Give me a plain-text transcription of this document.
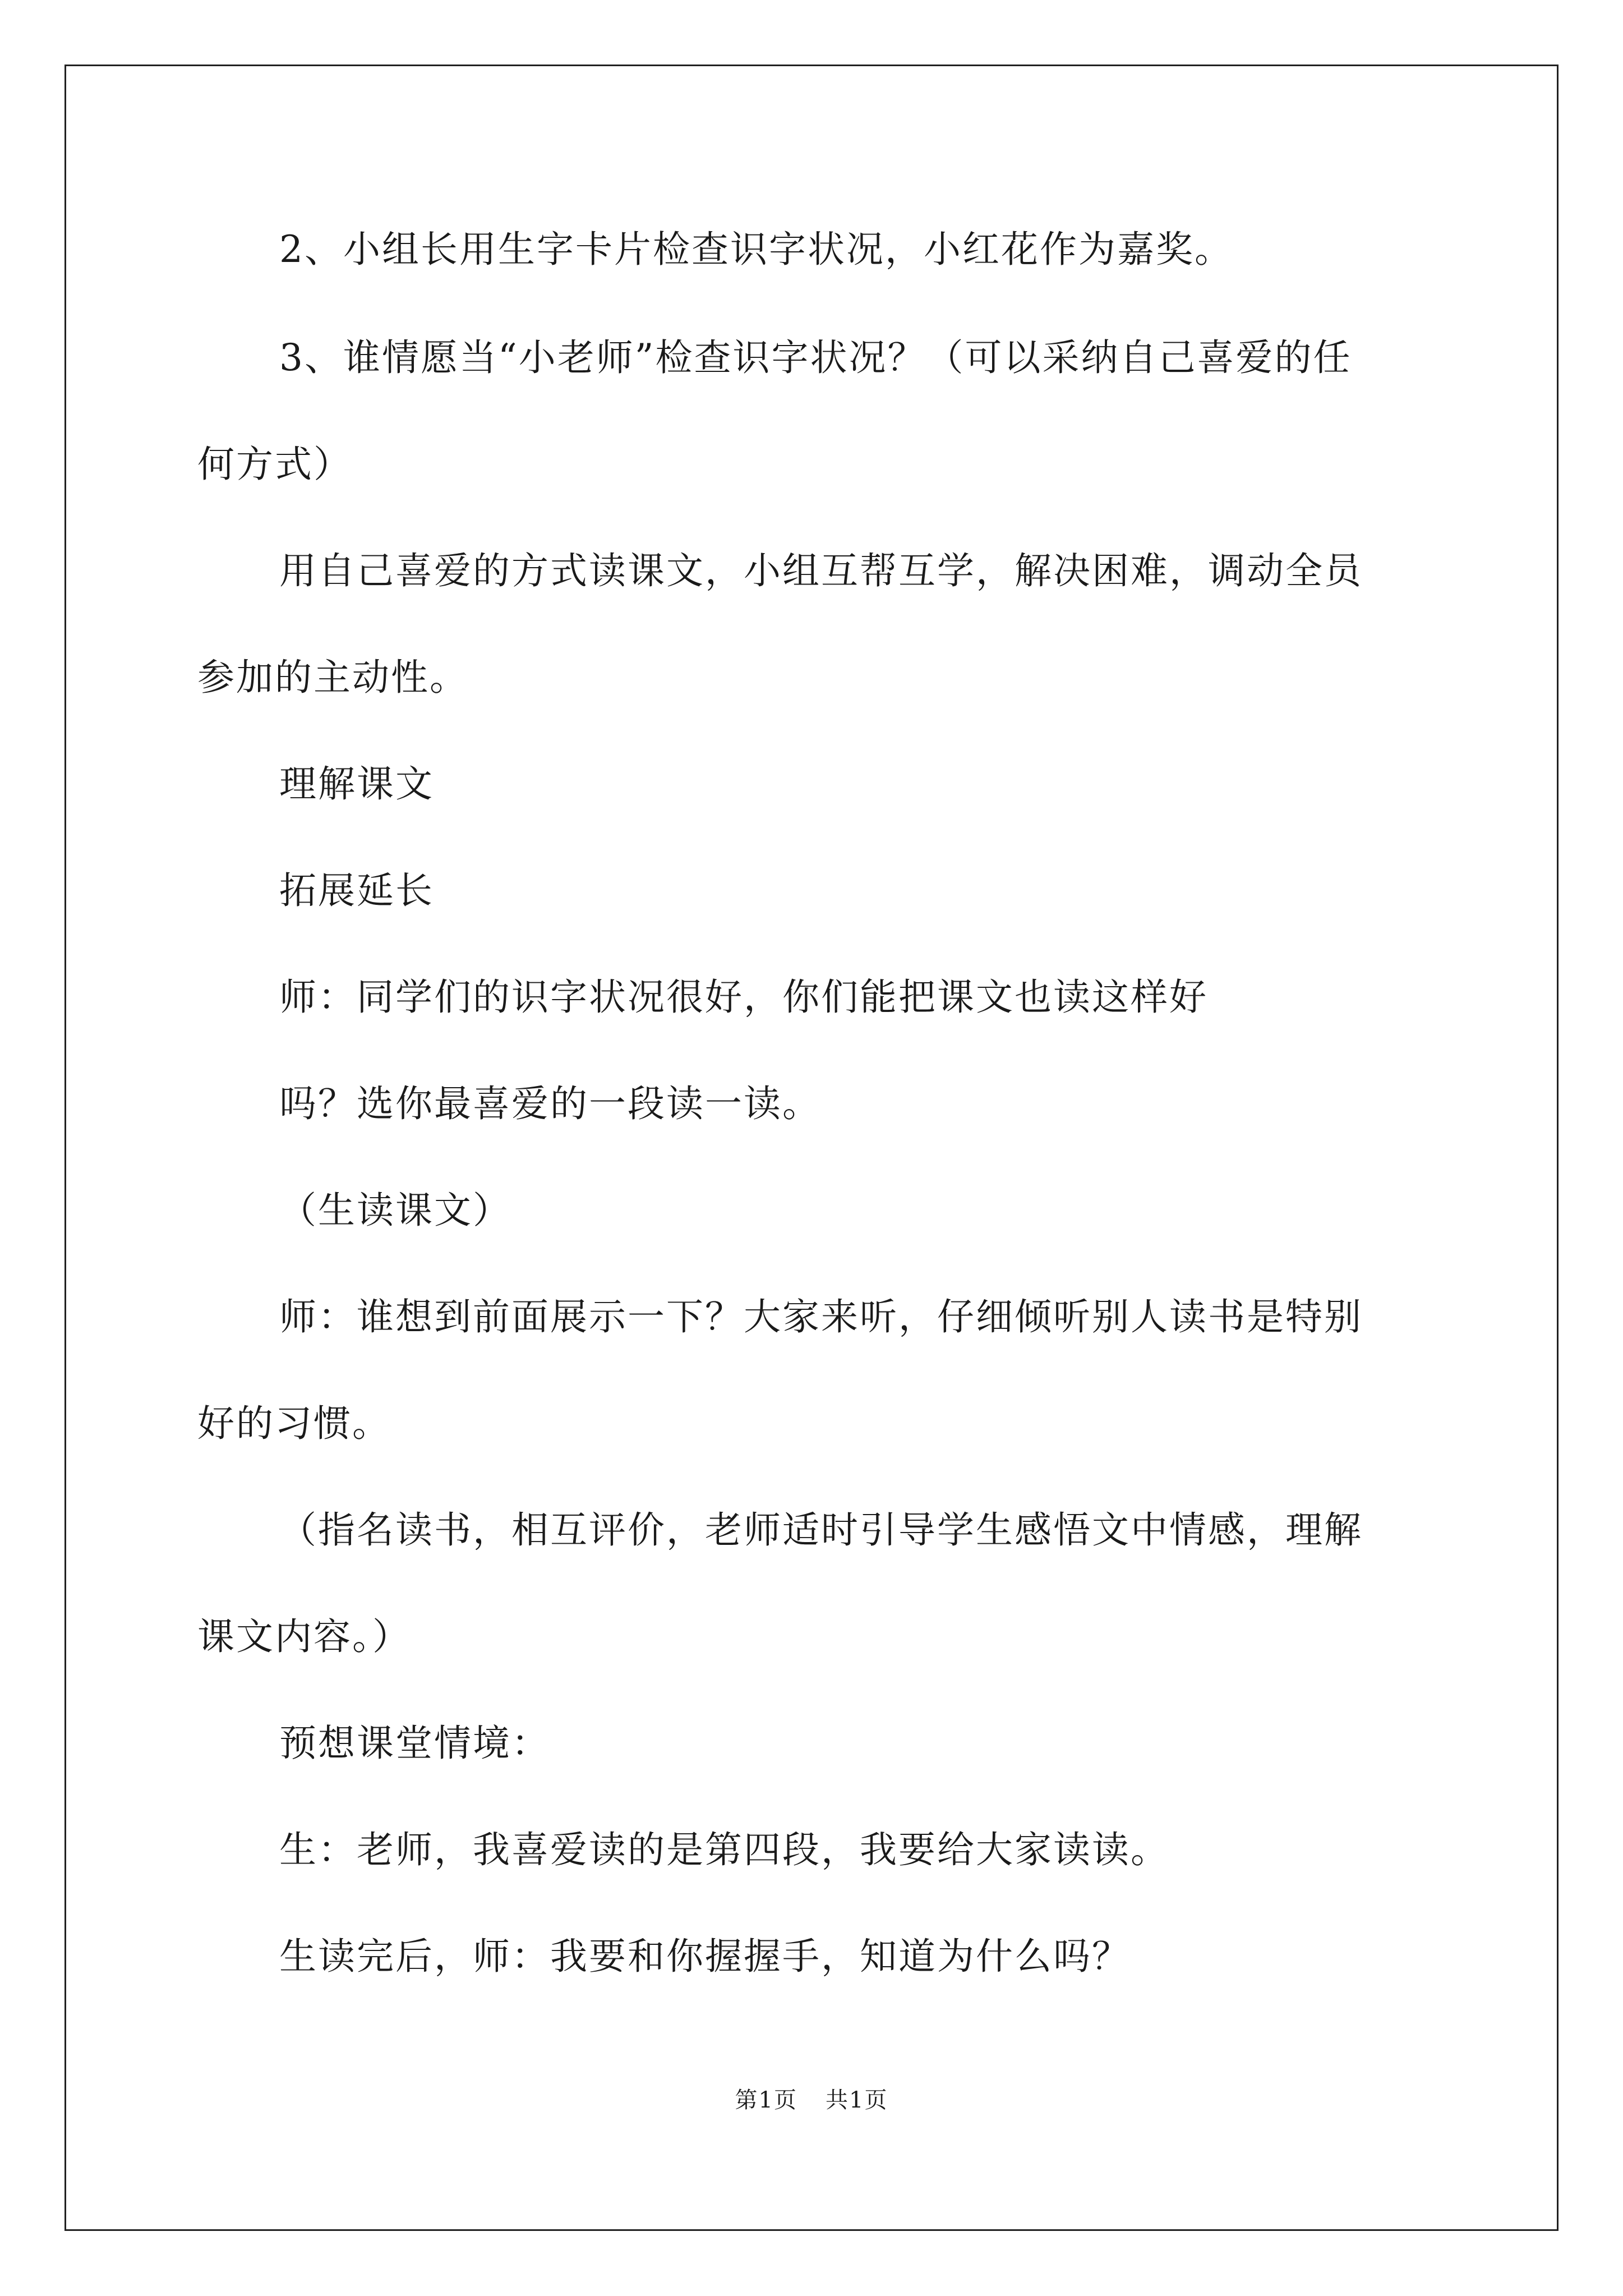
2、小组长用生字卡片检查识字状况，小红花作为嘉奖。

3、谁情愿当“小老师”检查识字状况？（可以采纳自己喜爱的任

何方式）

用自己喜爱的方式读课文，小组互帮互学，解决困难，调动全员

参加的主动性。

理解课文

拓展延长

师：同学们的识字状况很好，你们能把课文也读这样好

吗？选你最喜爱的一段读一读。

（生读课文）

师：谁想到前面展示一下？大家来听，仔细倾听别人读书是特别

好的习惯。

（指名读书，相互评价，老师适时引导学生感悟文中情感，理解

课文内容。）

预想课堂情境：

生：老师，我喜爱读的是第四段，我要给大家读读。

生读完后，师：我要和你握握手，知道为什么吗？

第1页 共1页
